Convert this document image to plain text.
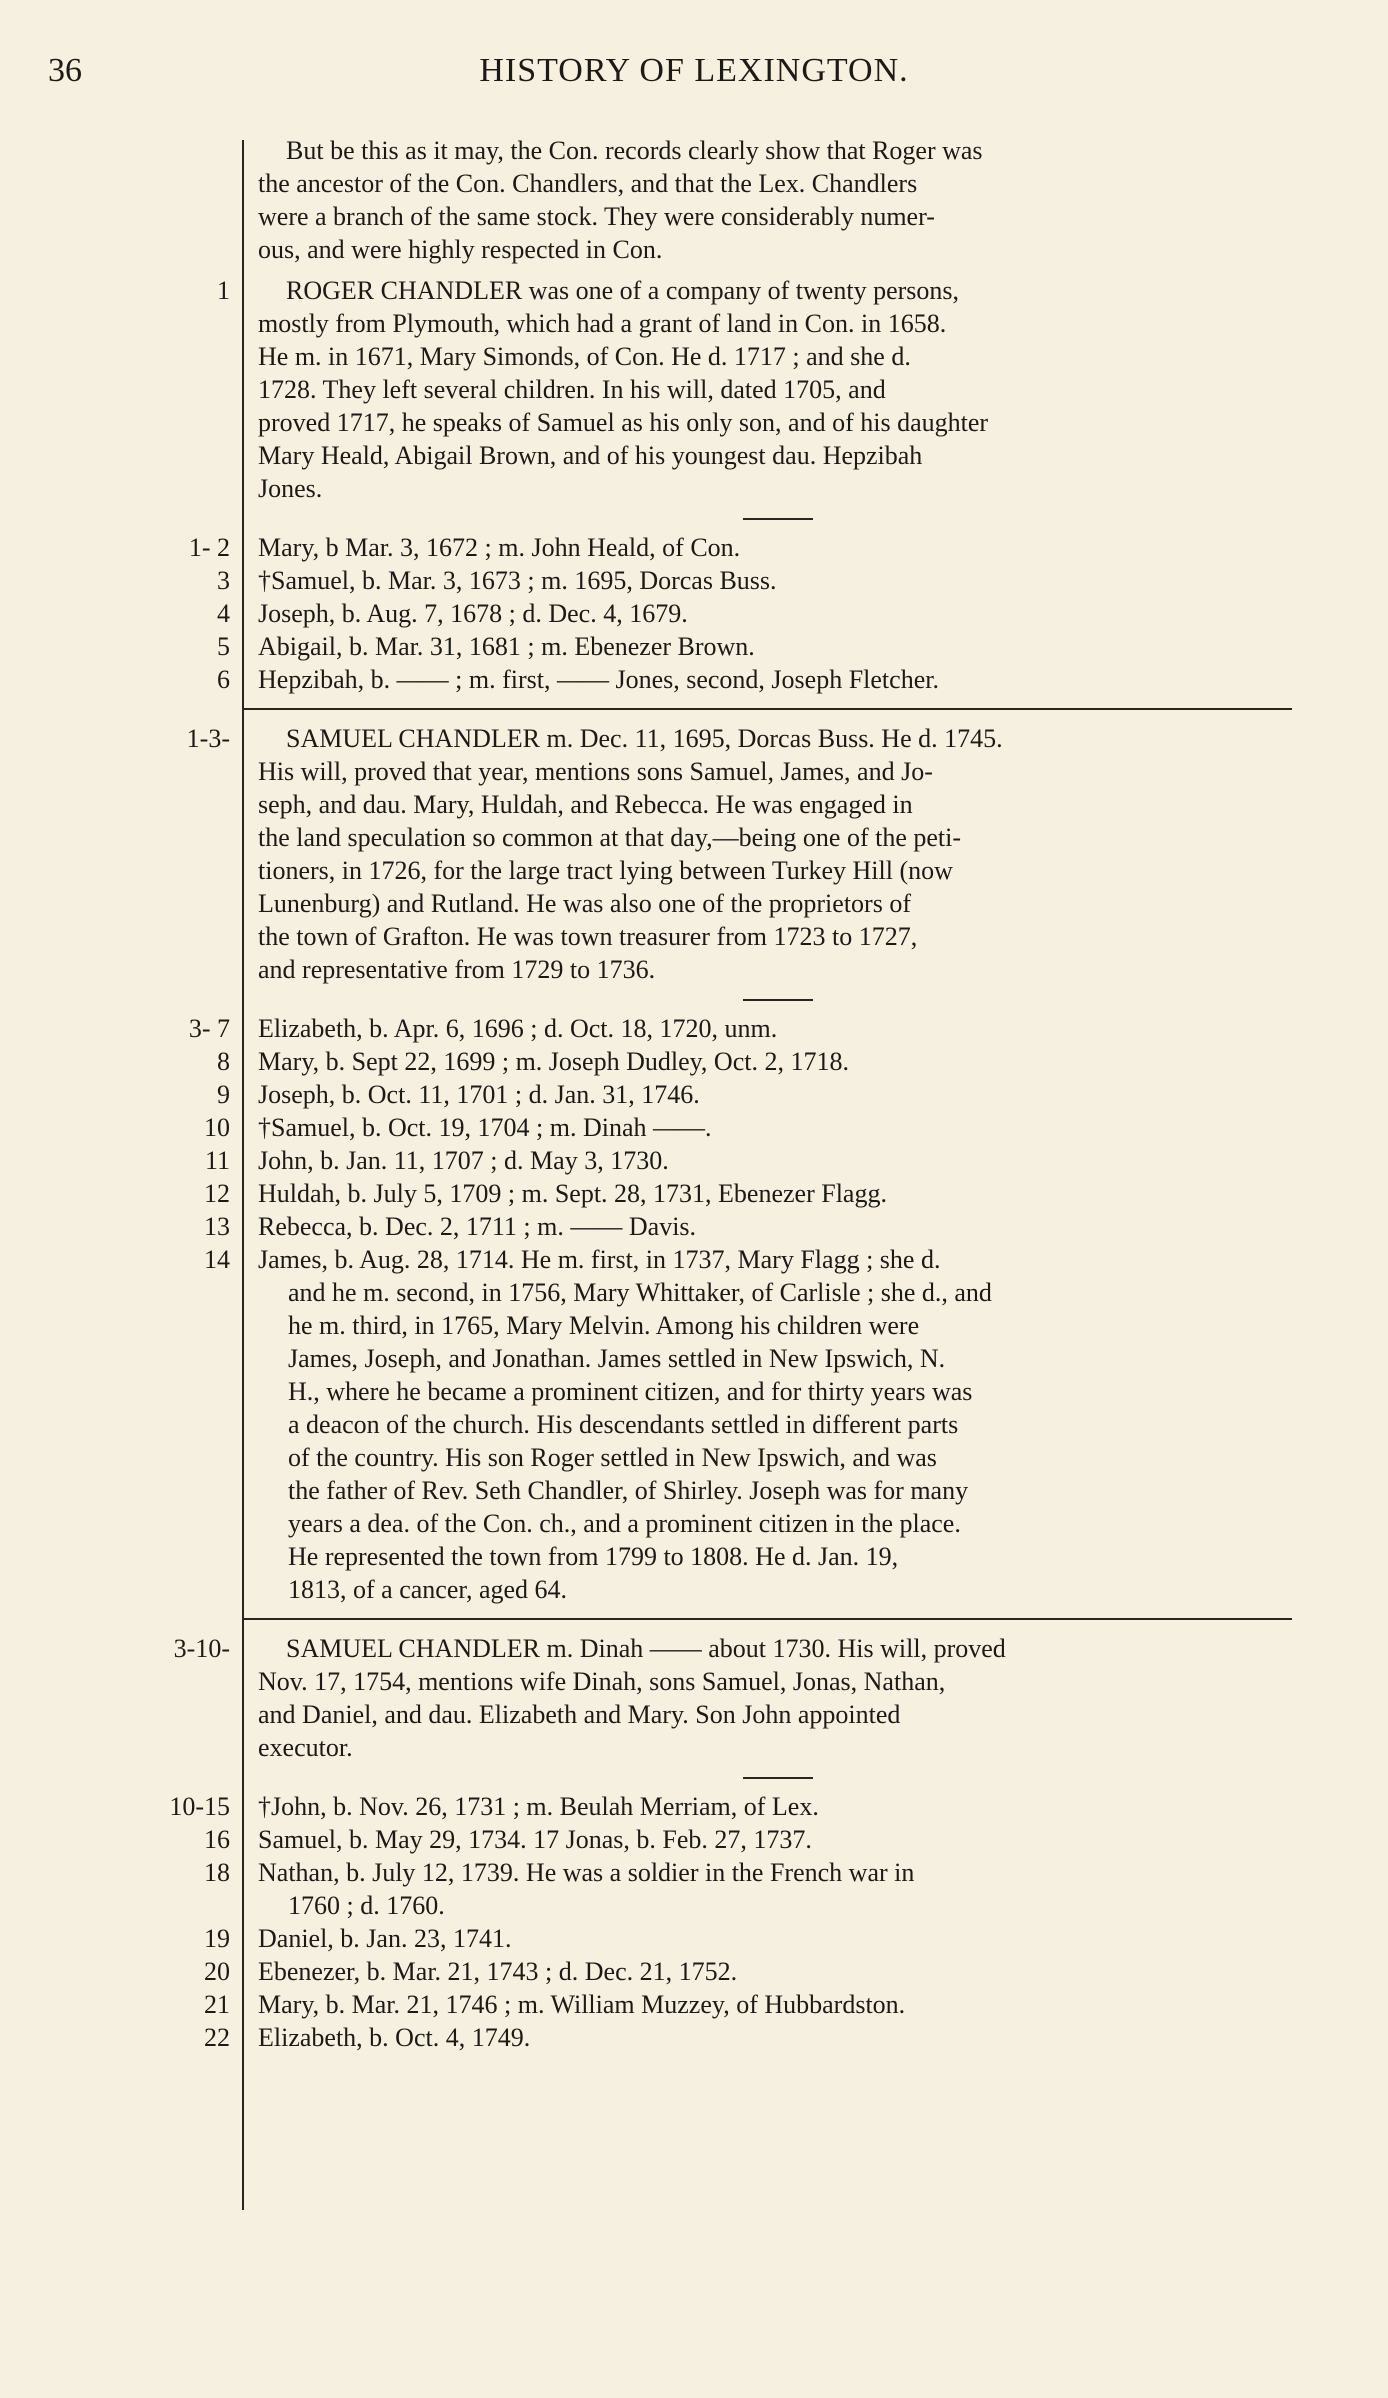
36	HISTORY OF LEXINGTON.
But be this as it may, the Con. records clearly show that Roger was
the ancestor of the Con. Chandlers, and that the Lex. Chandlers
were a branch of the same stock. They were considerably numer-
ous, and were highly respected in Con.
1 ROGER CHANDLER was one of a company of twenty persons,
mostly from Plymouth, which had a grant of land in Con. in 1658.
He m. in 1671, Mary Simonds, of Con. He d. 1717 ; and she d.
1728. They left several children. In his will, dated 1705, and
proved 1717, he speaks of Samuel as his only son, and of his daughter
Mary Heald, Abigail Brown, and of his youngest dau. Hepzibah
Jones.
1- 2 Mary, b Mar. 3, 1672 ; m. John Heald, of Con.
3 †Samuel, b. Mar. 3, 1673 ; m. 1695, Dorcas Buss.
4 Joseph, b. Aug. 7, 1678 ; d. Dec. 4, 1679.
5 Abigail, b. Mar. 31, 1681 ; m. Ebenezer Brown.
6 Hepzibah, b. —— ; m. first, —— Jones, second, Joseph Fletcher.
1-3- SAMUEL CHANDLER m. Dec. 11, 1695, Dorcas Buss. He d. 1745.
His will, proved that year, mentions sons Samuel, James, and Jo-
seph, and dau. Mary, Huldah, and Rebecca. He was engaged in
the land speculation so common at that day,—being one of the peti-
tioners, in 1726, for the large tract lying between Turkey Hill (now
Lunenburg) and Rutland. He was also one of the proprietors of
the town of Grafton. He was town treasurer from 1723 to 1727,
and representative from 1729 to 1736.
3- 7 Elizabeth, b. Apr. 6, 1696 ; d. Oct. 18, 1720, unm.
8 Mary, b. Sept 22, 1699 ; m. Joseph Dudley, Oct. 2, 1718.
9 Joseph, b. Oct. 11, 1701 ; d. Jan. 31, 1746.
10 †Samuel, b. Oct. 19, 1704 ; m. Dinah ——.
11 John, b. Jan. 11, 1707 ; d. May 3, 1730.
12 Huldah, b. July 5, 1709 ; m. Sept. 28, 1731, Ebenezer Flagg.
13 Rebecca, b. Dec. 2, 1711 ; m. —— Davis.
14 James, b. Aug. 28, 1714. He m. first, in 1737, Mary Flagg ; she d.
and he m. second, in 1756, Mary Whittaker, of Carlisle ; she d., and
he m. third, in 1765, Mary Melvin. Among his children were
James, Joseph, and Jonathan. James settled in New Ipswich, N.
H., where he became a prominent citizen, and for thirty years was
a deacon of the church. His descendants settled in different parts
of the country. His son Roger settled in New Ipswich, and was
the father of Rev. Seth Chandler, of Shirley. Joseph was for many
years a dea. of the Con. ch., and a prominent citizen in the place.
He represented the town from 1799 to 1808. He d. Jan. 19,
1813, of a cancer, aged 64.
3-10- SAMUEL CHANDLER m. Dinah —— about 1730. His will, proved
Nov. 17, 1754, mentions wife Dinah, sons Samuel, Jonas, Nathan,
and Daniel, and dau. Elizabeth and Mary. Son John appointed
executor.
10-15 †John, b. Nov. 26, 1731 ; m. Beulah Merriam, of Lex.
16 Samuel, b. May 29, 1734. 17 Jonas, b. Feb. 27, 1737.
18 Nathan, b. July 12, 1739. He was a soldier in the French war in
1760 ; d. 1760.
19 Daniel, b. Jan. 23, 1741.
20 Ebenezer, b. Mar. 21, 1743 ; d. Dec. 21, 1752.
21 Mary, b. Mar. 21, 1746 ; m. William Muzzey, of Hubbardston.
22 Elizabeth, b. Oct. 4, 1749.
